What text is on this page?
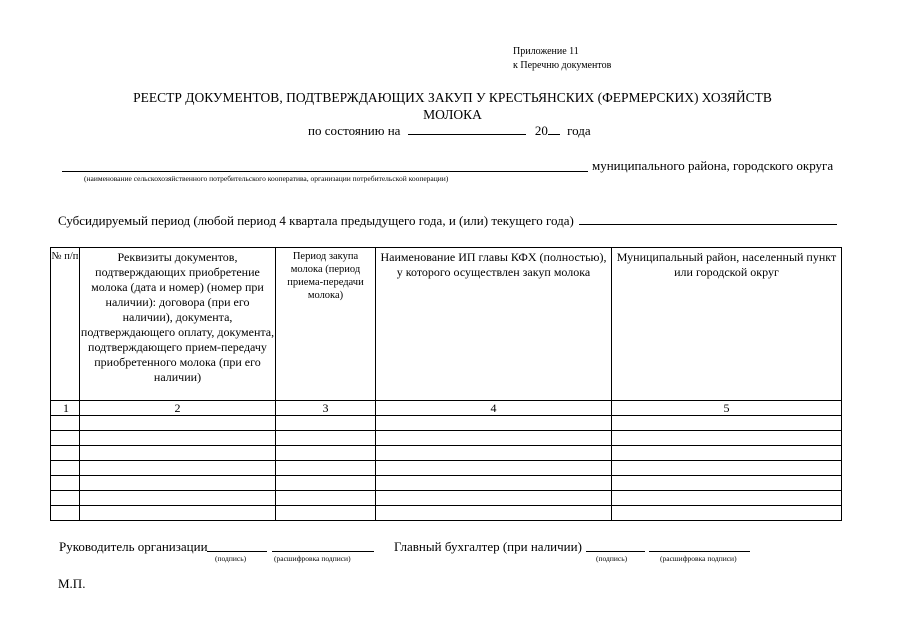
Приложение 11
к Перечню документов
РЕЕСТР ДОКУМЕНТОВ, ПОДТВЕРЖДАЮЩИХ ЗАКУП У КРЕСТЬЯНСКИХ (ФЕРМЕРСКИХ) ХОЗЯЙСТВ
МОЛОКА
по состоянию на	20 года
муниципального района, городского округа
(наименование сельскохозяйственного потребительского кооператива, организации потребительской кооперации)
Субсидируемый период (любой период 4 квартала предыдущего года, и (или) текущего года)
№ п/п	Реквизиты документов, подтверждающих приобретение молока (дата и номер) (номер при наличии): договора (при его наличии), документа, подтверждающего оплату, документа, подтверждающего прием-передачу приобретенного молока (при его наличии)	Период закупа молока (период приема-передачи молока)	Наименование ИП главы КФХ (полностью), у которого осуществлен закуп молока	Муниципальный район, населенный пункт или городской округ
1	2	3	4	5

Руководитель организации
(подпись)	(расшифровка подписи)
Главный бухгалтер (при наличии)
(подпись)	(расшифровка подписи)
М.П.
